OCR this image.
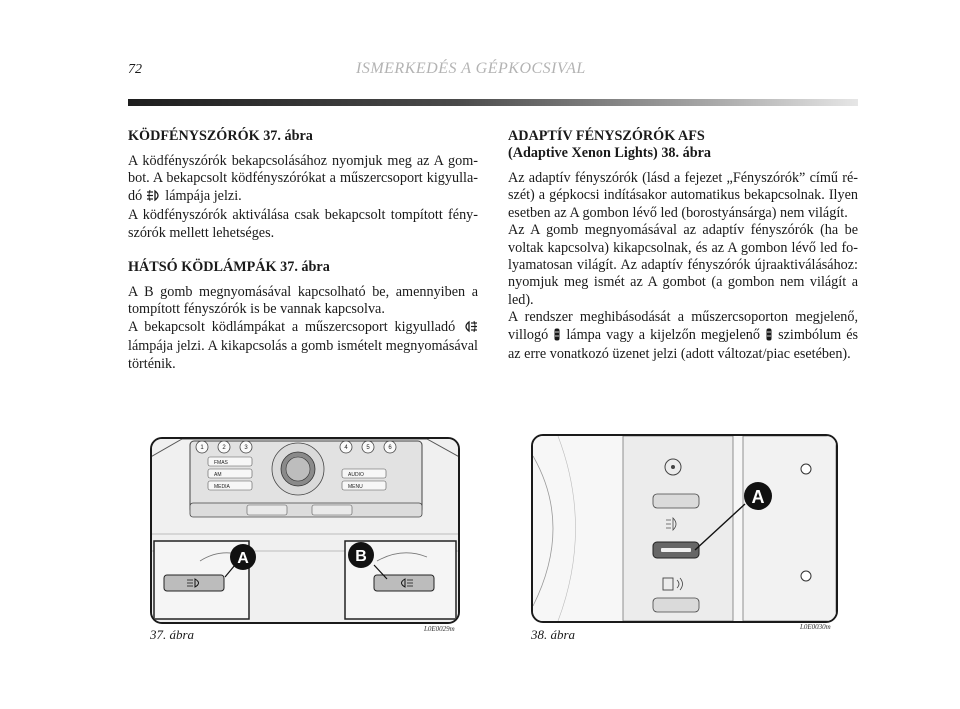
72	ISMERKEDÉS A GÉPKOCSIVAL
KÖDFÉNYSZÓRÓK 37. ábra

A ködfényszórók bekapcsolásához nyomjuk meg az A gombot. A bekapcsolt ködfényszórókat a műszercsoport kigyulladó lámpája jelzi.

A ködfényszórók aktiválása csak bekapcsolt tompított fényszórók mellett lehetséges.

HÁTSÓ KÖDLÁMPÁK 37. ábra

A B gomb megnyomásával kapcsolható be, amennyiben a tompított fényszórók is be vannak kapcsolva.

A bekapcsolt ködlámpákat a műszercsoport kigyulladó  lámpája jelzi. A kikapcsolás a gomb ismételt megnyomásával történik.

ADAPTÍV FÉNYSZÓRÓK AFS
(Adaptive Xenon Lights) 38. ábra

Az adaptív fényszórók (lásd a fejezet „Fényszórók” című részét) a gépkocsi indításakor automatikus bekapcsolnak. Ilyen esetben az A gombon lévő led (borostyánsárga) nem világít.

Az A gomb megnyomásával az adaptív fényszórók (ha be voltak kapcsolva) kikapcsolnak, és az A gombon lévő led folyamatosan világít. Az adaptív fényszórók újraaktiválásához: nyomjuk meg ismét az A gombot (a gombon nem világít a led).

A rendszer meghibásodását a műszercsoporton megjelenő, villogó lámpa vagy a kijelzőn megjelenő szimbólum és az erre vonatkozó üzenet jelzi (adott változat/piac esetében).

1	2	3	4	5	6
FMAS
AM
MEDIA
AUDIO
MENU
A	B
37. ábra	L0E0029m
A
38. ábra	L0E0030m
